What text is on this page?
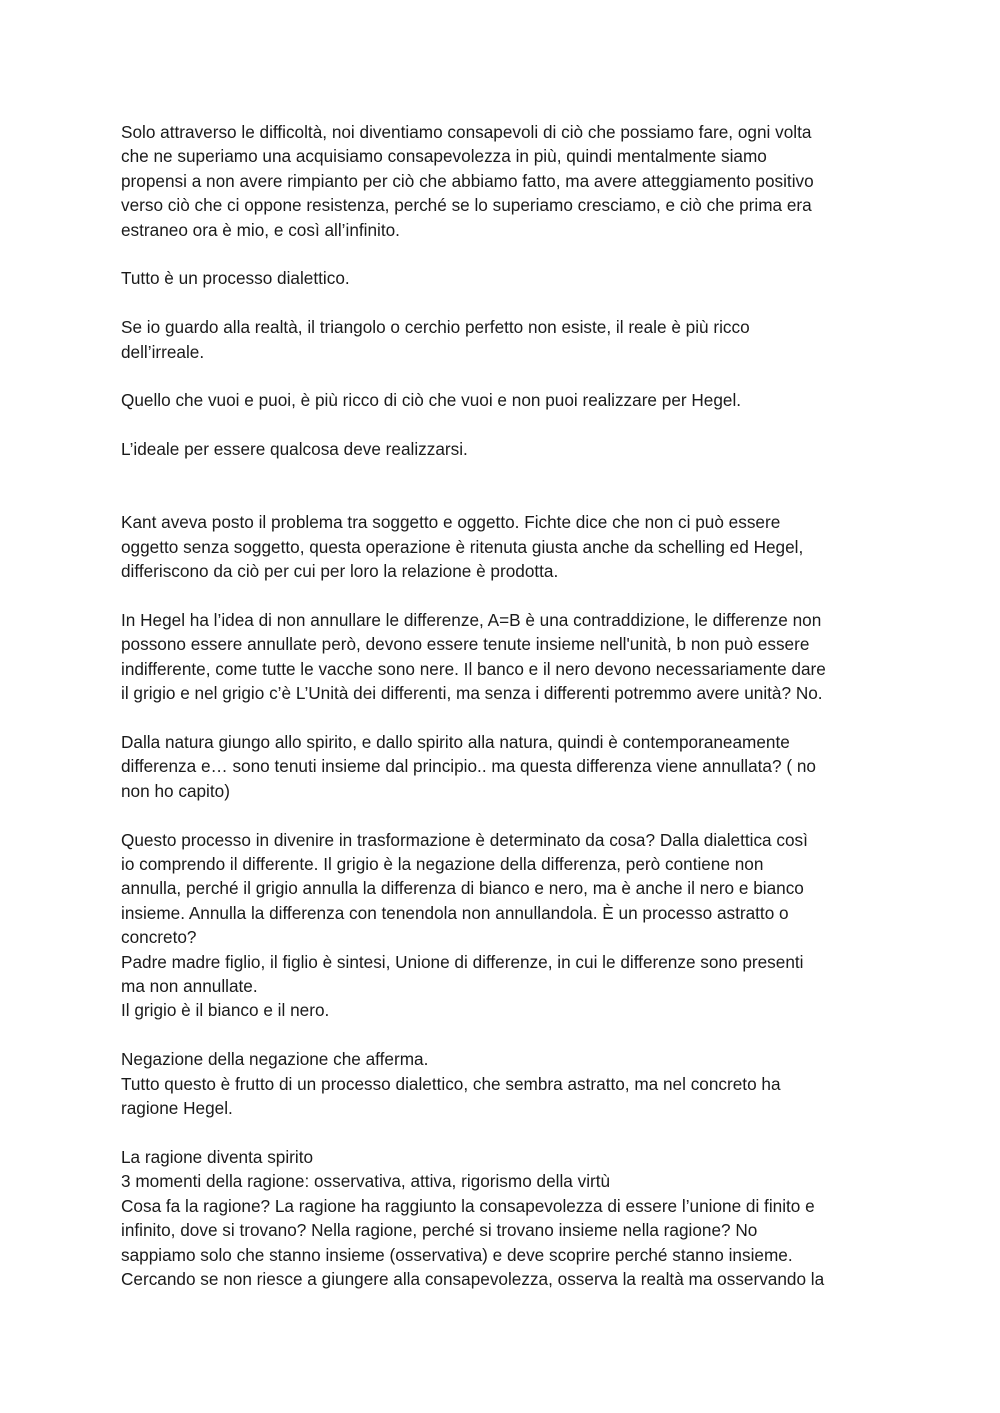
Solo attraverso le difficoltà, noi diventiamo consapevoli di ciò che possiamo fare, ogni volta
che ne superiamo una acquisiamo consapevolezza in più, quindi mentalmente siamo
propensi a non avere rimpianto per ciò che abbiamo fatto, ma avere atteggiamento positivo
verso ciò che ci oppone resistenza, perché se lo superiamo cresciamo, e ciò che prima era
estraneo ora è mio, e così all’infinito.
Tutto è un processo dialettico.
Se io guardo alla realtà, il triangolo o cerchio perfetto non esiste, il reale è più ricco
dell’irreale.
Quello che vuoi e puoi, è più ricco di ciò che vuoi e non puoi realizzare per Hegel.
L’ideale per essere qualcosa deve realizzarsi.
Kant aveva posto il problema tra soggetto e oggetto. Fichte dice che non ci può essere
oggetto senza soggetto, questa operazione è ritenuta giusta anche da schelling ed Hegel,
differiscono da ciò per cui per loro la relazione è prodotta.
In Hegel ha l’idea di non annullare le differenze, A=B è una contraddizione, le differenze non
possono essere annullate però, devono essere tenute insieme nell'unità, b non può essere
indifferente, come tutte le vacche sono nere. Il banco e il nero devono necessariamente dare
il grigio e nel grigio c’è L’Unità dei differenti, ma senza i differenti potremmo avere unità? No.
Dalla natura giungo allo spirito, e dallo spirito alla natura, quindi è contemporaneamente
differenza e… sono tenuti insieme dal principio.. ma questa differenza viene annullata? ( no
non ho capito)
Questo processo in divenire in trasformazione è determinato da cosa? Dalla dialettica così
io comprendo il differente. Il grigio è la negazione della differenza, però contiene non
annulla, perché il grigio annulla la differenza di bianco e nero, ma è anche il nero e bianco
insieme. Annulla la differenza con tenendola non annullandola. È un processo astratto o
concreto?
Padre madre figlio, il figlio è sintesi, Unione di differenze, in cui le differenze sono presenti
ma non annullate.
Il grigio è il bianco e il nero.
Negazione della negazione che afferma.
Tutto questo è frutto di un processo dialettico, che sembra astratto, ma nel concreto ha
ragione Hegel.
La ragione diventa spirito
3 momenti della ragione: osservativa, attiva, rigorismo della virtù
Cosa fa la ragione? La ragione ha raggiunto la consapevolezza di essere l’unione di finito e
infinito, dove si trovano? Nella ragione, perché si trovano insieme nella ragione? No
sappiamo solo che stanno insieme (osservativa) e deve scoprire perché stanno insieme.
Cercando se non riesce a giungere alla consapevolezza, osserva la realtà ma osservando la
